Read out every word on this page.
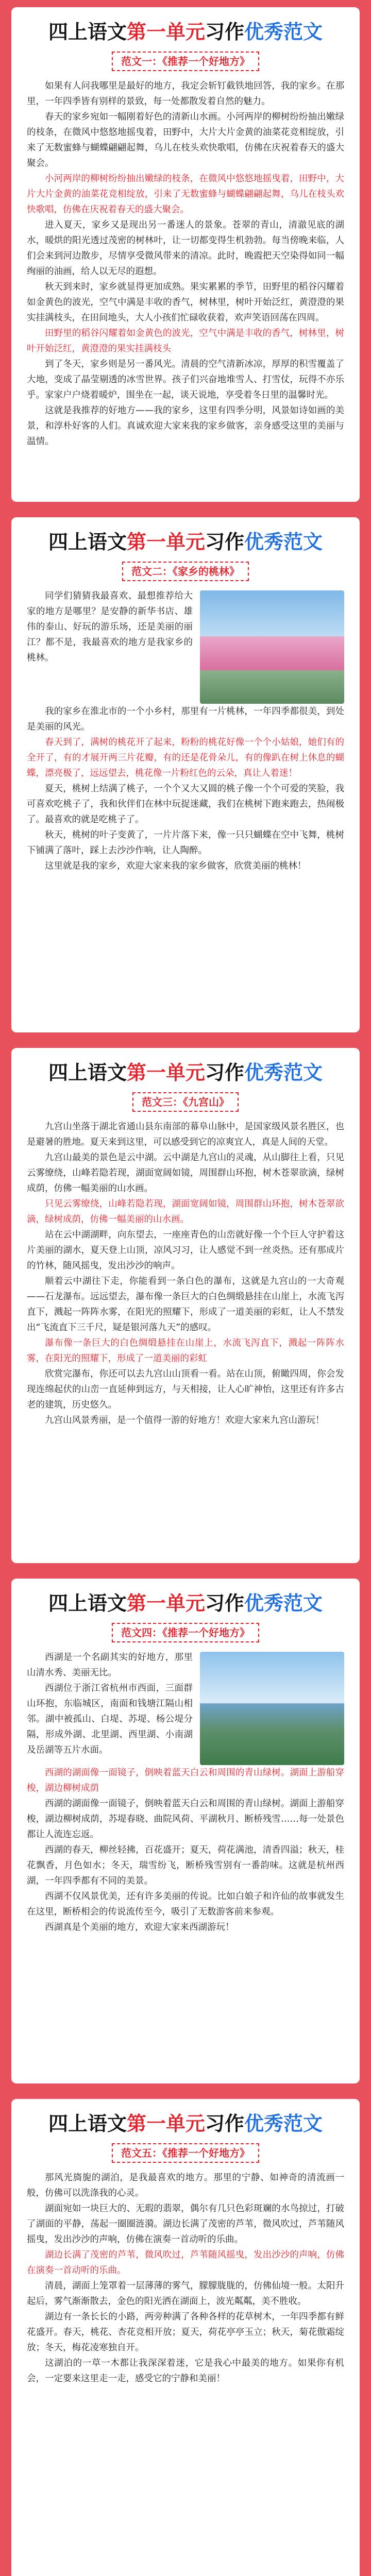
四上语文第一单元习作优秀范文
范文一：《推荐一个好地方》

如果有人问我哪里是最好的地方，我定会斩钉截铁地回答，我的家乡。在那里，一年四季皆有别样的景致，每一处都散发着自然的魅力。

春天的家乡宛如一幅刚着好色的清新山水画。小河两岸的柳树纷纷抽出嫩绿的枝条，在微风中悠悠地摇曳着，田野中，大片大片金黄的油菜花竞相绽放，引来了无数蜜蜂与蝴蝶翩翩起舞，乌儿在枝头欢快歌唱，仿佛在庆祝着春天的盛大聚会。

小河两岸的柳树纷纷抽出嫩绿的枝条，在微风中悠悠地摇曳着，田野中，大片大片金黄的油菜花竞相绽放，引来了无数蜜蜂与蝴蝶翩翩起舞，乌儿在枝头欢快歌唱，仿佛在庆祝着春天的盛大聚会。

进入夏天，家乡又是现出另一番迷人的景象。苍翠的青山，清澈见底的湖水，暖烘的阳光透过茂密的树林叶，让一切都变得生机勃勃。每当傍晚来临，人们会来到河边散步，尽情享受微风带来的清凉。此时，晚霞把天空染得如同一幅绚丽的油画，给人以无尽的遐想。

秋天到来时，家乡就显得更加成熟。果实累累的季节，田野里的稻谷闪耀着如金黄色的波光，空气中满是丰收的香气，树林里，树叶开始泛红，黄澄澄的果实挂满枝头，在田间地头，大人小孩们忙碌收获着，欢声笑语回荡在四周。

田野里的稻谷闪耀着如金黄色的波光，空气中满是丰收的香气，树林里，树叶开始泛红，黄澄澄的果实挂满枝头

到了冬天，家乡则是另一番风光。清晨的空气清新冰凉，厚厚的积雪覆盖了大地，变成了晶莹剔透的冰雪世界。孩子们兴奋地堆雪人、打雪仗，玩得不亦乐乎。家家户户烧着暖炉，围坐在一起，谈天说地，享受着冬日里的温馨时光。

这就是我推荐的好地方——我的家乡，这里有四季分明，风景如诗如画的美景，和淳朴好客的人们。真诚欢迎大家来我的家乡做客，亲身感受这里的美丽与温情。

四上语文第一单元习作优秀范文
范文二：《家乡的桃林》

同学们猜猜我最喜欢、最想推荐给大家的地方是哪里？是安静的新华书店、雄伟的泰山、好玩的游乐场，还是美丽的丽江？都不是，我最喜欢的地方是我家乡的桃林。

我的家乡在淮北市的一个小乡村，那里有一片桃林，一年四季都很美，到处是美丽的风光。

春天到了，满树的桃花开了起来，粉粉的桃花好像一个个小姑娘，她们有的全开了，有的才展开两三片花瓣，有的还是花骨朵儿，有的像趴在树上休息的蝴蝶，漂亮极了，远远望去，桃花像一片粉红色的云朵，真让人着迷！

夏天，桃树上结满了桃子，一个个又大又圆的桃子像一个个可爱的笑脸，我可喜欢吃桃子了，我和伙伴们在林中玩捉迷藏，我们在桃树下跑来跑去，热闹极了。最喜欢的就是吃桃子了。

秋天，桃树的叶子变黄了，一片片落下来，像一只只蝴蝶在空中飞舞，桃树下铺满了落叶，踩上去沙沙作响，让人陶醉。

这里就是我的家乡，欢迎大家来我的家乡做客，欣赏美丽的桃林！

四上语文第一单元习作优秀范文
范文三：《九宫山》

九宫山坐落于湖北省通山县东南部的幕阜山脉中，是国家级风景名胜区，也是避暑的胜地。夏天来到这里，可以感受到它的凉爽宜人，真是人间的天堂。

九宫山最美的景色是云中湖。云中湖是九宫山的灵魂，从山脚往上看，只见云雾缭绕，山峰若隐若现，湖面宽阔如镜，周围群山环抱，树木苍翠欲滴，绿树成荫，仿佛一幅美丽的山水画。

只见云雾缭绕，山峰若隐若现，湖面宽阔如镜，周围群山环抱，树木苍翠欲滴，绿树成荫，仿佛一幅美丽的山水画。

站在云中湖湖畔，向东望去，一座座青色的山峦就好像一个个巨人守护着这片美丽的湖水，夏天登上山顶，凉风习习，让人感觉不到一丝炎热。还有那成片的竹林，随风摇曳，发出沙沙的响声。

顺着云中湖往下走，你能看到一条白色的瀑布，这就是九宫山的一大奇观——石龙瀑布。远远望去，瀑布像一条巨大的白色绸缎悬挂在山崖上，水流飞泻直下，溅起一阵阵水雾，在阳光的照耀下，形成了一道美丽的彩虹，让人不禁发出“飞流直下三千尺，疑是银河落九天”的感叹。

瀑布像一条巨大的白色绸缎悬挂在山崖上，水流飞泻直下，溅起一阵阵水雾，在阳光的照耀下，形成了一道美丽的彩虹

欣赏完瀑布，你还可以去九宫山山顶看一看。站在山顶，俯瞰四周，你会发现连绵起伏的山峦一直延伸到远方，与天相接，让人心旷神怡，这里还有许多古老的建筑，历史悠久。

九宫山风景秀丽，是一个值得一游的好地方！欢迎大家来九宫山游玩！

四上语文第一单元习作优秀范文
范文四：《推荐一个好地方》

西湖是一个名副其实的好地方，那里山清水秀、美丽无比。

西湖位于浙江省杭州市西面，三面群山环抱，东临城区，南面和钱塘江隔山相邻。湖中被孤山、白堤、苏堤、杨公堤分隔，形成外湖、北里湖、西里湖、小南湖及岳湖等五片水面。

西湖的湖面像一面镜子，倒映着蓝天白云和周围的青山绿树。湖面上游船穿梭，湖边柳树成荫

西湖的湖面像一面镜子，倒映着蓝天白云和周围的青山绿树。湖面上游船穿梭，湖边柳树成荫，苏堤春晓、曲院风荷、平湖秋月、断桥残雪……每一处景色都让人流连忘返。

西湖的春天，柳丝轻拂，百花盛开；夏天，荷花满池，清香四溢；秋天，桂花飘香，月色如水；冬天，瑞雪纷飞，断桥残雪别有一番韵味。这就是杭州西湖，一年四季都有不同的美景。

西湖不仅风景优美，还有许多美丽的传说。比如白娘子和许仙的故事就发生在这里，断桥相会的传说流传至今，吸引了无数游客前来参观。

西湖真是个美丽的地方，欢迎大家来西湖游玩！

四上语文第一单元习作优秀范文
范文五：《推荐一个好地方》

那风光旖旎的湖泊，是我最喜欢的地方。那里的宁静、如神奇的清流画一般，仿佛可以洗涤我的心灵。

湖面宛如一块巨大的、无瑕的翡翠，偶尔有几只色彩斑斓的水鸟掠过，打破了湖面的平静，荡起一圈圈涟漪。湖边长满了茂密的芦苇，微风吹过，芦苇随风摇曳，发出沙沙的声响，仿佛在演奏一首动听的乐曲。

湖边长满了茂密的芦苇，微风吹过，芦苇随风摇曳，发出沙沙的声响，仿佛在演奏一首动听的乐曲。

清晨，湖面上笼罩着一层薄薄的雾气，朦朦胧胧的，仿佛仙境一般。太阳升起后，雾气渐渐散去，金色的阳光洒在湖面上，波光粼粼，美不胜收。

湖边有一条长长的小路，两旁种满了各种各样的花草树木，一年四季都有鲜花盛开。春天，桃花、杏花竞相开放；夏天，荷花亭亭玉立；秋天，菊花傲霜绽放；冬天，梅花凌寒独自开。

这湖泊的一草一木都让我深深着迷，它是我心中最美的地方。如果你有机会，一定要来这里走一走，感受它的宁静和美丽！
